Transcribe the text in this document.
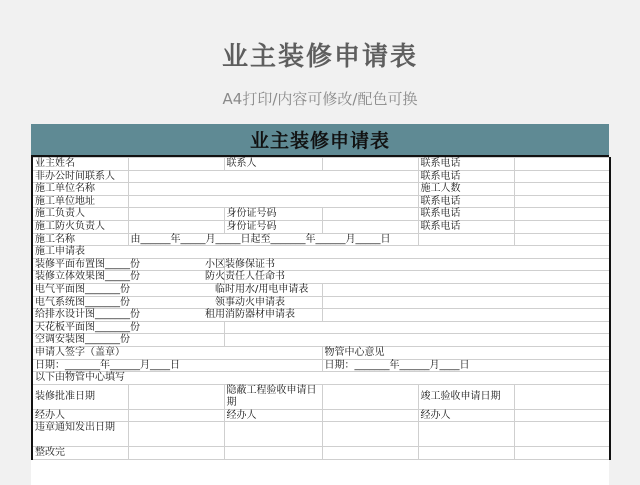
业主装修申请表
A4打印/内容可修改/配色可换
业主装修申请表
业主姓名		联系人		联系电话	
非办公时间联系人				联系电话	
施工单位名称				施工人数	
施工单位地址				联系电话	
施工负责人		身份证号码		联系电话	
施工防火负责人		身份证号码		联系电话	
施工名称	由______年_____月_____日起至_______年______月_____日				
施工申请表					
装修平面布置图_____份 小区装修保证书					
装修立体效果图_____份 防火责任人任命书					
电气平面图_______份 临时用水/用电申请表					
电气系统图_______份 领事动火申请表					
给排水设计图_______份 租用消防器材申请表					
天花板平面图_______份					
空调安装图_______份					
申请人签字（盖章）			物管中心意见		
日期：_______年______月____日			日期：_______年______月____日		
以下由物管中心填写					
装修批准日期		隐蔽工程验收申请日期		竣工验收申请日期	
经办人		经办人		经办人	
违章通知发出日期					
整改完					
